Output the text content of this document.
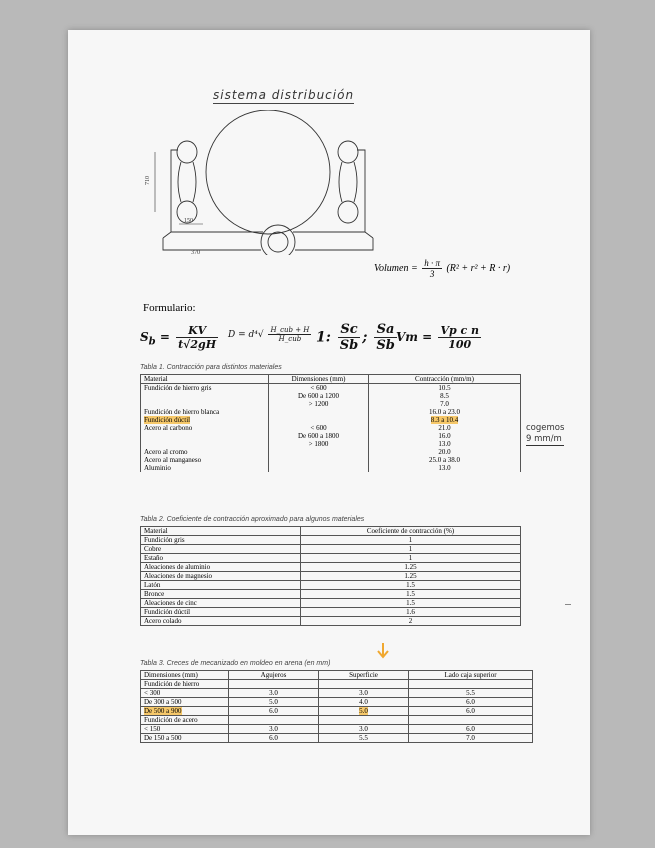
sistema distribución
710
150
370
Volumen = $\frac{h \cdot \pi}{3} (R^2 + r^2 + R \cdot r)$
Formulario:
$S_b = \frac{KV}{t√2gH}$ $D = d^4√ \frac{\text{H\_cub + H}}{\text{H\_cub}} 1$: $\frac{Sc}{Sb}$ ; $\frac{Sa}{Sb}$ $Vm = \frac{\text{Vp c n}}{100}$
Tabla 1. Contracción para distintos materiales
Material	Dimensiones (mm)	Contracción (mm/m)
Fundición de hierro gris	< 600	10.5
	De 600 a 1200	8.5
	> 1200	7.0
Fundición de hierro blanca		16.0 a 23.0
Fundición dúctil		8.3 a 10.4
Acero al carbono	< 600	21.0
	De 600 a 1800	16.0
	> 1800	13.0
Acero al cromo		20.0
Acero al manganeso		25.0 a 38.0
Aluminio		13.0
cogemos
9 mm/m
Tabla 2. Coeficiente de contracción aproximado para algunos materiales
Material	Coeficiente de contracción (%)
Fundición gris	1
Cobre	1
Estaño	1
Aleaciones de aluminio	1.25
Aleaciones de magnesio	1.25
Latón	1.5
Bronce	1.5
Aleaciones de cinc	1.5
Fundición dúctil	1.6
Acero colado	2
Tabla 3. Creces de mecanizado en moldeo en arena (en mm)
Dimensiones (mm)	Agujeros	Superficie	Lado caja superior
Fundición de hierro			
< 300	3.0	3.0	5.5
De 300 a 500	5.0	4.0	6.0
De 500 a 900	6.0	5.0	6.0
Fundición de acero			
< 150	3.0	3.0	6.0
De 150 a 500	6.0	5.5	7.0
